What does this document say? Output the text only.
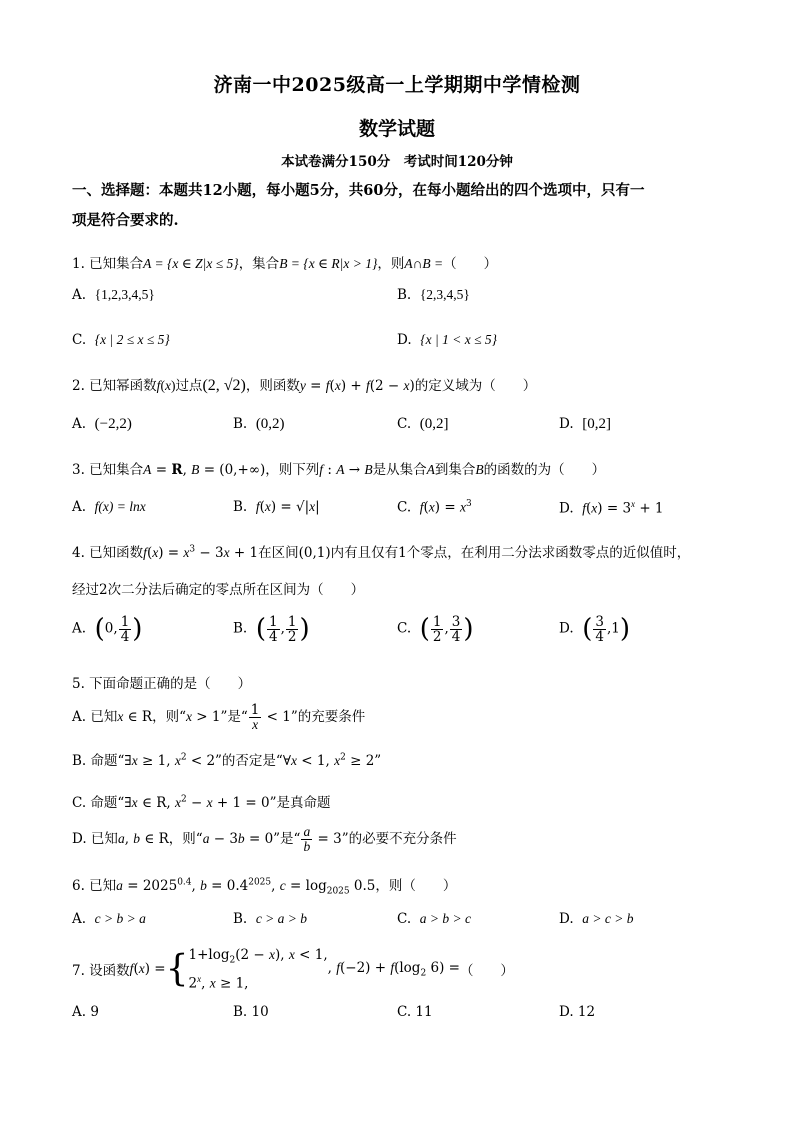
济南一中2025级高一上学期期中学情检测
数学试题
本试卷满分150分　考试时间120分钟
一、选择题：本题共12小题，每小题5分，共60分，在每小题给出的四个选项中，只有一
项是符合要求的.
1. 已知集合A = {x ∈ Z|x ≤ 5}，集合B = {x ∈ R|x > 1}，则A∩B =（　　）
A. {1,2,3,4,5}	B. {2,3,4,5}
C. {x | 2 ≤ x ≤ 5}	D. {x | 1 < x ≤ 5}
2. 已知幂函数f(x)过点(2, √2)，则函数y = f(x) + f(2 − x)的定义域为（　　）
A. (−2,2)	B. (0,2)	C. (0,2]	D. [0,2]
3. 已知集合A = R, B = (0,+∞)，则下列f : A → B是从集合A到集合B的函数的为（　　）
A. f(x) = lnx	B. f(x) = √|x|	C. $f(x) = x^3$	D. $f(x) = 3^x + 1$
4. 已知函数$f(x) = x^3 - 3x + 1$在区间(0,1)内有且仅有1个零点，在利用二分法求函数零点的近似值时，
经过2次二分法后确定的零点所在区间为（　　）
A. (0, $\frac{1}{4}$ )	B. ( $\frac{1}{4}$ , $\frac{1}{2}$ )	C. ( $\frac{1}{2}$ , $\frac{3}{4}$ )	D. ( $\frac{3}{4} ,1$)
5. 下面命题正确的是（　　）
A. 已知x ∈ R，则“x > 1”是“ $\frac{1}{x} < 1$”的充要条件
B. 命题“∃x ≥ 1, $x^2 < 2$”的否定是“∀x < 1, $x^2 \ge 2$”
C. 命题“∃x ∈ R, $x^2 - x + 1 = 0$”是真命题
D. 已知a, b ∈ R，则“a − 3b = 0”是“ $\frac{a}{b} = 3$”的必要不充分条件
6. 已知$a = 2025^{0.4}$, $b = 0.4^{2025}$, $c = \log_{2025} 0.5$，则（　　）
A. c > b > a	B. c > a > b	C. a > b > c	D. a > c > b
7. 设函数f(x) ={ $1+\log_2(2 - x)$, x < 1,
2$^x$, x ≥ 1,
, $f(-2) + f(\log_2$ 6) =（　　）
A. 9	B. 10	C. 11	D. 12
